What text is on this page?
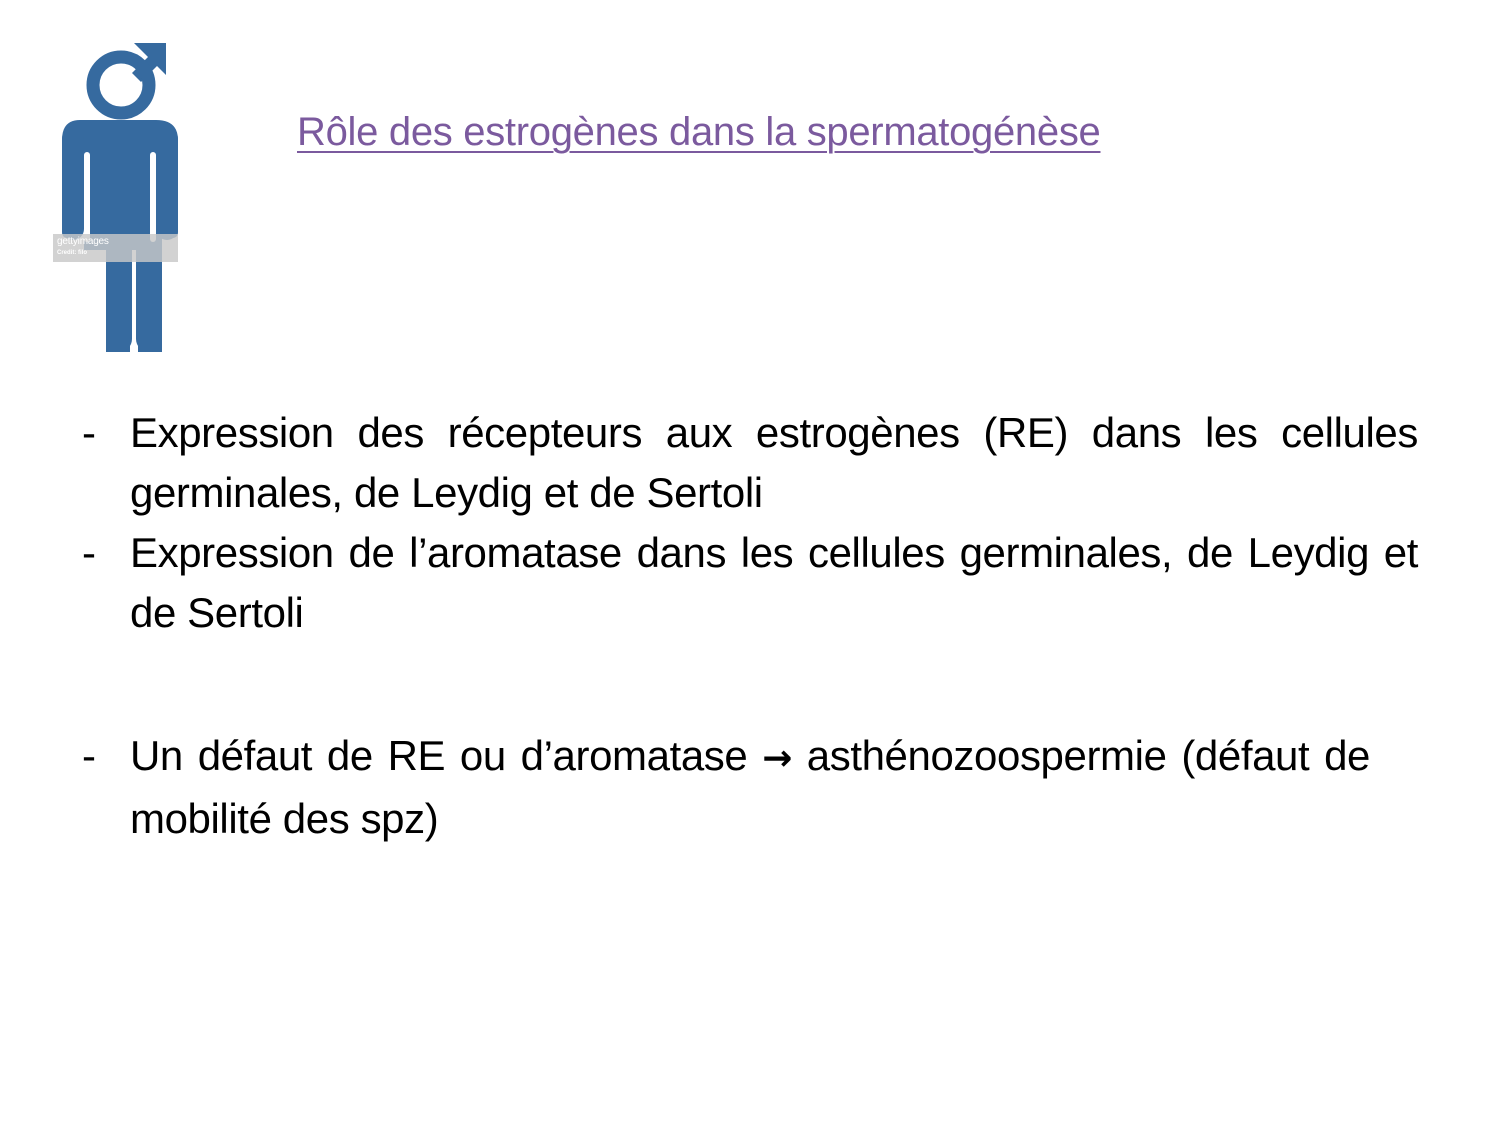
gettyimages
Credit: filo
Rôle des estrogènes dans la spermatogénèse
- Expression des récepteurs aux estrogènes (RE) dans les cellules germinales, de Leydig et de Sertoli
- Expression de l’aromatase dans les cellules germinales, de Leydig et de Sertoli
- Un défaut de RE ou d’aromatase → asthénozoospermie (défaut de mobilité des spz)
